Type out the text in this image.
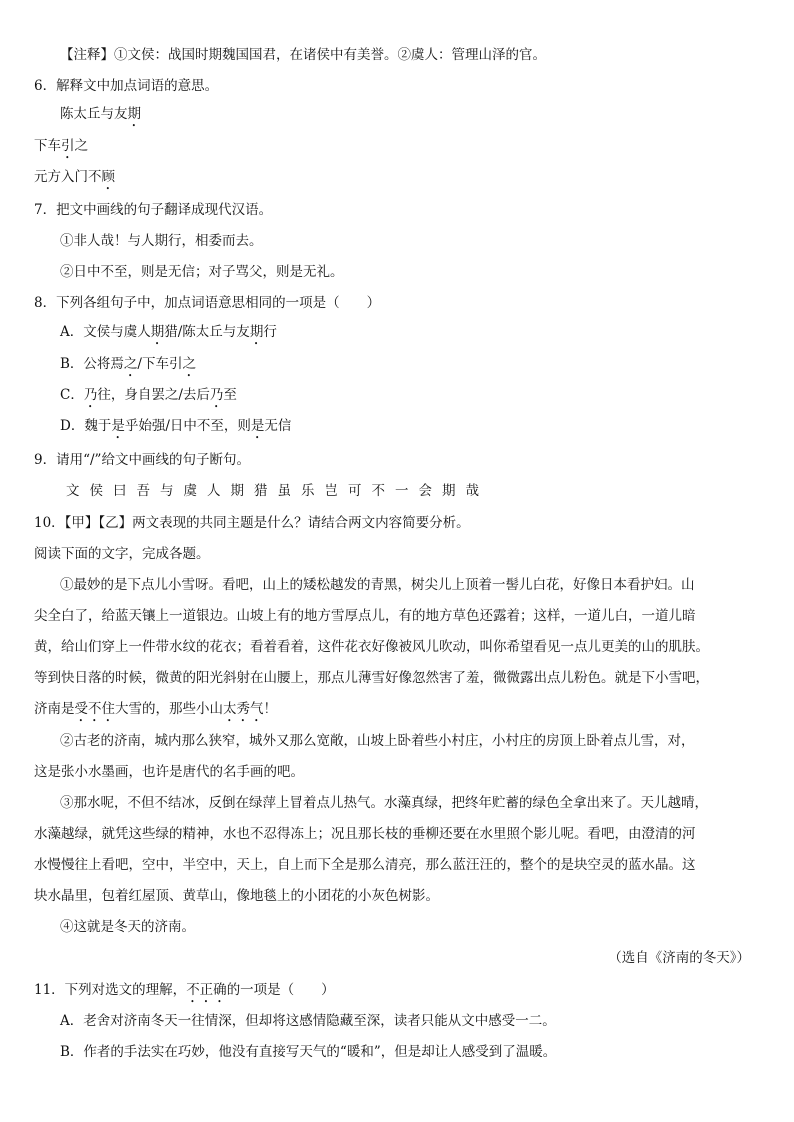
【注释】①文侯：战国时期魏国国君，在诸侯中有美誉。②虞人：管理山泽的官。
6．解释文中加点词语的意思。
陈太丘与友期
下车引之
元方入门不顾
7．把文中画线的句子翻译成现代汉语。
①非人哉！与人期行，相委而去。
②日中不至，则是无信；对子骂父，则是无礼。
8．下列各组句子中，加点词语意思相同的一项是（　　）
A．文侯与虞人期猎/陈太丘与友期行
B．公将焉之/下车引之
C．乃往，身自罢之/去后乃至
D．魏于是乎始强/日中不至，则是无信
9．请用“/”给文中画线的句子断句。
文侯曰吾与虞人期猎虽乐岂可不一会期哉
10．【甲】【乙】两文表现的共同主题是什么？请结合两文内容简要分析。
阅读下面的文字，完成各题。
①最妙的是下点儿小雪呀。看吧，山上的矮松越发的青黑，树尖儿上顶着一髻儿白花，好像日本看护妇。山
尖全白了，给蓝天镶上一道银边。山坡上有的地方雪厚点儿，有的地方草色还露着；这样，一道儿白，一道儿暗
黄，给山们穿上一件带水纹的花衣；看着看着，这件花衣好像被风儿吹动，叫你希望看见一点儿更美的山的肌肤。
等到快日落的时候，微黄的阳光斜射在山腰上，那点儿薄雪好像忽然害了羞，微微露出点儿粉色。就是下小雪吧，
济南是受不住大雪的，那些小山太秀气！
②古老的济南，城内那么狭窄，城外又那么宽敞，山坡上卧着些小村庄，小村庄的房顶上卧着点儿雪，对，
这是张小水墨画，也许是唐代的名手画的吧。
③那水呢，不但不结冰，反倒在绿萍上冒着点儿热气。水藻真绿，把终年贮蓄的绿色全拿出来了。天儿越晴，
水藻越绿，就凭这些绿的精神，水也不忍得冻上；况且那长枝的垂柳还要在水里照个影儿呢。看吧，由澄清的河
水慢慢往上看吧，空中，半空中，天上，自上而下全是那么清亮，那么蓝汪汪的，整个的是块空灵的蓝水晶。这
块水晶里，包着红屋顶、黄草山，像地毯上的小团花的小灰色树影。
④这就是冬天的济南。
（选自《济南的冬天》）
11．下列对选文的理解，不正确的一项是（　　）
A．老舍对济南冬天一往情深，但却将这感情隐藏至深，读者只能从文中感受一二。
B．作者的手法实在巧妙，他没有直接写天气的“暖和”，但是却让人感受到了温暖。
